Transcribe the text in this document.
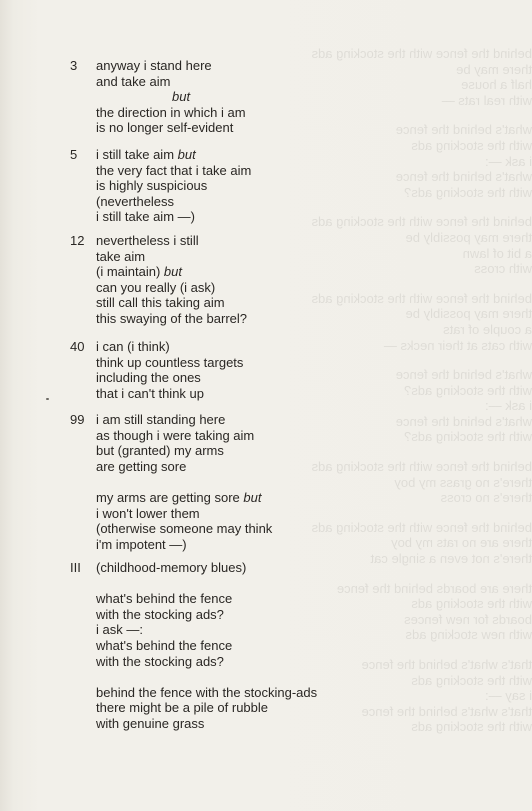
behind the fence with the stocking ads
there may be
half a house
with real rats —
what's behind the fence
with the stocking ads
i ask —:
what's behind the fence
with the stocking ads?
behind the fence with the stocking ads
there may possibly be
a bit of lawn
with cross
behind the fence with the stocking ads
there may possibly be
a couple of rats
with cats at their necks —
what's behind the fence
with the stocking ads?
i ask —:
what's behind the fence
with the stocking ads?
behind the fence with the stocking ads
there's no grass my boy
there's no cross
behind the fence with the stocking ads
there are no rats my boy
there's not even a single cat
there are boards behind the fence
with the stocking ads
boards for new fences
with new stocking ads
that's what's behind the fence
with the stocking ads
i say —:
that's what's behind the fence
with the stocking ads
3 anyway i stand here
and take aim
but
the direction in which i am
is no longer self-evident
5 i still take aim but
the very fact that i take aim
is highly suspicious
(nevertheless
i still take aim —)
12 nevertheless i still
take aim
(i maintain) but
can you really (i ask)
still call this taking aim
this swaying of the barrel?
40 i can (i think)
think up countless targets
including the ones
that i can't think up
99 i am still standing here
as though i were taking aim
but (granted) my arms
are getting sore
my arms are getting sore but
i won't lower them
(otherwise someone may think
i'm impotent —)
III (childhood-memory blues)
what's behind the fence
with the stocking ads?
i ask —:
what's behind the fence
with the stocking ads?
behind the fence with the stocking-ads
there might be a pile of rubble
with genuine grass
